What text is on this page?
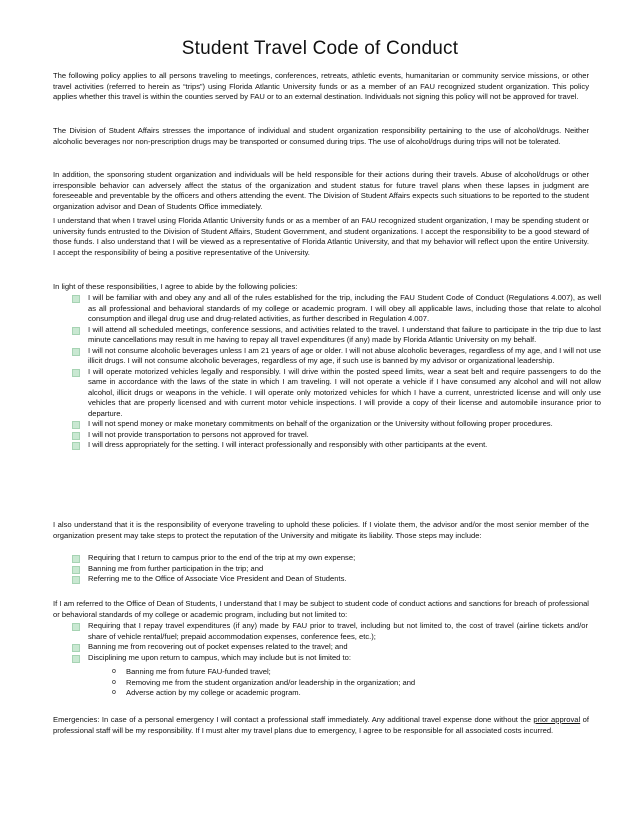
Student Travel Code of Conduct

The following policy applies to all persons traveling to meetings, conferences, retreats, athletic events, humanitarian or community service missions, or other travel activities (referred to herein as “trips”) using Florida Atlantic University funds or as a member of an FAU recognized student organization. This policy applies whether this travel is within the counties served by FAU or to an external destination. Individuals not signing this policy will not be approved for travel.

The Division of Student Affairs stresses the importance of individual and student organization responsibility pertaining to the use of alcohol/drugs. Neither alcoholic beverages nor non-prescription drugs may be transported or consumed during trips. The use of alcohol/drugs during trips will not be tolerated.

In addition, the sponsoring student organization and individuals will be held responsible for their actions during their travels. Abuse of alcohol/drugs or other irresponsible behavior can adversely affect the status of the organization and student status for future travel plans when these lapses in judgment are foreseeable and preventable by the officers and others attending the event. The Division of Student Affairs expects such situations to be reported to the student organization advisor and Dean of Students Office immediately.

I understand that when I travel using Florida Atlantic University funds or as a member of an FAU recognized student organization, I may be spending student or university funds entrusted to the Division of Student Affairs, Student Government, and student organizations. I accept the responsibility to be a good steward of those funds. I also understand that I will be viewed as a representative of Florida Atlantic University, and that my behavior will reflect upon the entire University. I accept the responsibility of being a positive representative of the University.

In light of these responsibilities, I agree to abide by the following policies:

I will be familiar with and obey any and all of the rules established for the trip, including the FAU Student Code of Conduct (Regulations 4.007), as well as all professional and behavioral standards of my college or academic program. I will obey all applicable laws, including those that relate to alcohol consumption and illegal drug use and drug-related activities, as further described in Regulation 4.007.
I will attend all scheduled meetings, conference sessions, and activities related to the travel. I understand that failure to participate in the trip due to last minute cancellations may result in me having to repay all travel expenditures (if any) made by Florida Atlantic University on my behalf.
I will not consume alcoholic beverages unless I am 21 years of age or older. I will not abuse alcoholic beverages, regardless of my age, and I will not use illicit drugs. I will not consume alcoholic beverages, regardless of my age, if such use is banned by my advisor or organizational leadership.
I will operate motorized vehicles legally and responsibly. I will drive within the posted speed limits, wear a seat belt and require passengers to do the same in accordance with the laws of the state in which I am traveling. I will not operate a vehicle if I have consumed any alcohol and will not allow alcohol, illicit drugs or weapons in the vehicle. I will operate only motorized vehicles for which I have a current, unrestricted license and will only use vehicles that are properly licensed and with current motor vehicle inspections. I will provide a copy of their license and automobile insurance prior to departure.
I will not spend money or make monetary commitments on behalf of the organization or the University without following proper procedures.
I will not provide transportation to persons not approved for travel.
I will dress appropriately for the setting. I will interact professionally and responsibly with other participants at the event.

I also understand that it is the responsibility of everyone traveling to uphold these policies. If I violate them, the advisor and/or the most senior member of the organization present may take steps to protect the reputation of the University and mitigate its liability. Those steps may include:

Requiring that I return to campus prior to the end of the trip at my own expense;
Banning me from further participation in the trip; and
Referring me to the Office of Associate Vice President and Dean of Students.

If I am referred to the Office of Dean of Students, I understand that I may be subject to student code of conduct actions and sanctions for breach of professional or behavioral standards of my college or academic program, including but not limited to:

Requiring that I repay travel expenditures (if any) made by FAU prior to travel, including but not limited to, the cost of travel (airline tickets and/or share of vehicle rental/fuel; prepaid accommodation expenses, conference fees, etc.);
Banning me from recovering out of pocket expenses related to the travel; and
Disciplining me upon return to campus, which may include but is not limited to:
o Banning me from future FAU-funded travel;
o Removing me from the student organization and/or leadership in the organization; and
o Adverse action by my college or academic program.

Emergencies: In case of a personal emergency I will contact a professional staff immediately. Any additional travel expense done without the prior approval of professional staff will be my responsibility. If I must alter my travel plans due to emergency, I agree to be responsible for all associated costs incurred.
